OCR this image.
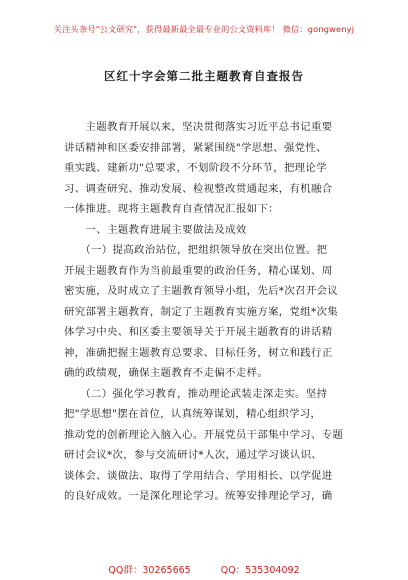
关注头条号"公文研究"，获得最新最全最专业的公文资料库！ 微信：gongwenyj
区红十字会第二批主题教育自查报告
　　主题教育开展以来，坚决贯彻落实习近平总书记重要
讲话精神和区委安排部署，紧紧围绕"学思想、强党性、
重实践、建新功"总要求，不划阶段不分环节，把理论学
习、调查研究、推动发展、检视整改贯通起来，有机融合
一体推进。现将主题教育自查情况汇报如下：
　　一、主题教育进展主要做法及成效
　　（一）提高政治站位，把组织领导放在突出位置。把
开展主题教育作为当前最重要的政治任务，精心谋划、周
密实施，及时成立了主题教育领导小组，先后*次召开会议
研究部署主题教育，制定了主题教育实施方案，党组*次集
体学习中央、和区委主要领导关于开展主题教育的讲话精
神，准确把握主题教育总要求、目标任务，树立和践行正
确的政绩观，确保主题教育不走偏不走样。
　　（二）强化学习教育，推动理论武装走深走实。坚持
把"学思想"摆在首位，认真统筹谋划，精心组织学习，
推动党的创新理论入脑入心。开展党员干部集中学习、专题
研讨会议*次，参与交流研讨*人次，通过学习谈认识、
谈体会、谈做法、取得了学用结合、学用相长、以学促进
的良好成效。一是深化理论学习。统筹安排理论学习，确
QQ群：30265665	QQ：535304092
